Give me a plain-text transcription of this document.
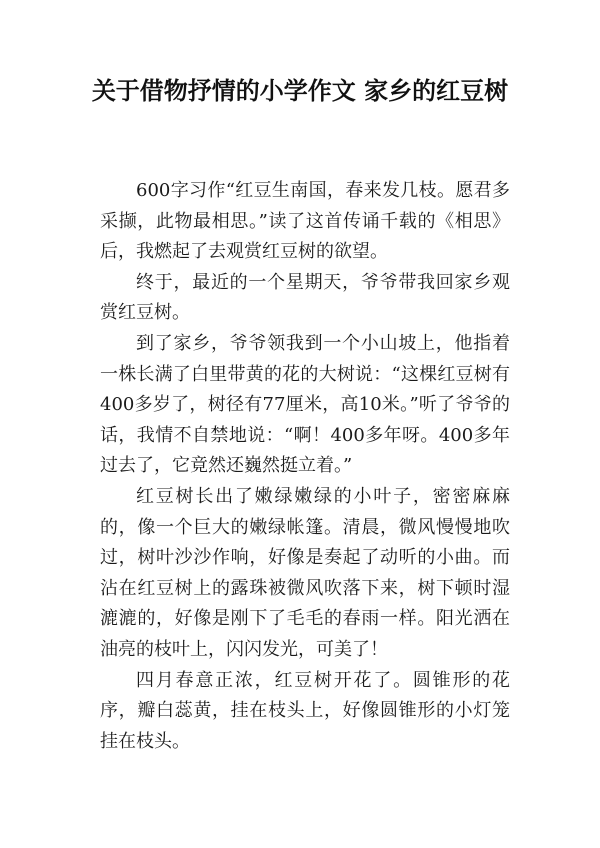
关于借物抒情的小学作文 家乡的红豆树

600字习作“红豆生南国，春来发几枝。愿君多采撷，此物最相思。”读了这首传诵千载的《相思》后，我燃起了去观赏红豆树的欲望。

终于，最近的一个星期天，爷爷带我回家乡观赏红豆树。

到了家乡，爷爷领我到一个小山坡上，他指着一株长满了白里带黄的花的大树说：“这棵红豆树有400多岁了，树径有77厘米，高10米。”听了爷爷的话，我情不自禁地说：“啊！400多年呀。400多年过去了，它竟然还巍然挺立着。”

红豆树长出了嫩绿嫩绿的小叶子，密密麻麻的，像一个巨大的嫩绿帐篷。清晨，微风慢慢地吹过，树叶沙沙作响，好像是奏起了动听的小曲。而沾在红豆树上的露珠被微风吹落下来，树下顿时湿漉漉的，好像是刚下了毛毛的春雨一样。阳光洒在油亮的枝叶上，闪闪发光，可美了！

四月春意正浓，红豆树开花了。圆锥形的花序，瓣白蕊黄，挂在枝头上，好像圆锥形的小灯笼挂在枝头。
